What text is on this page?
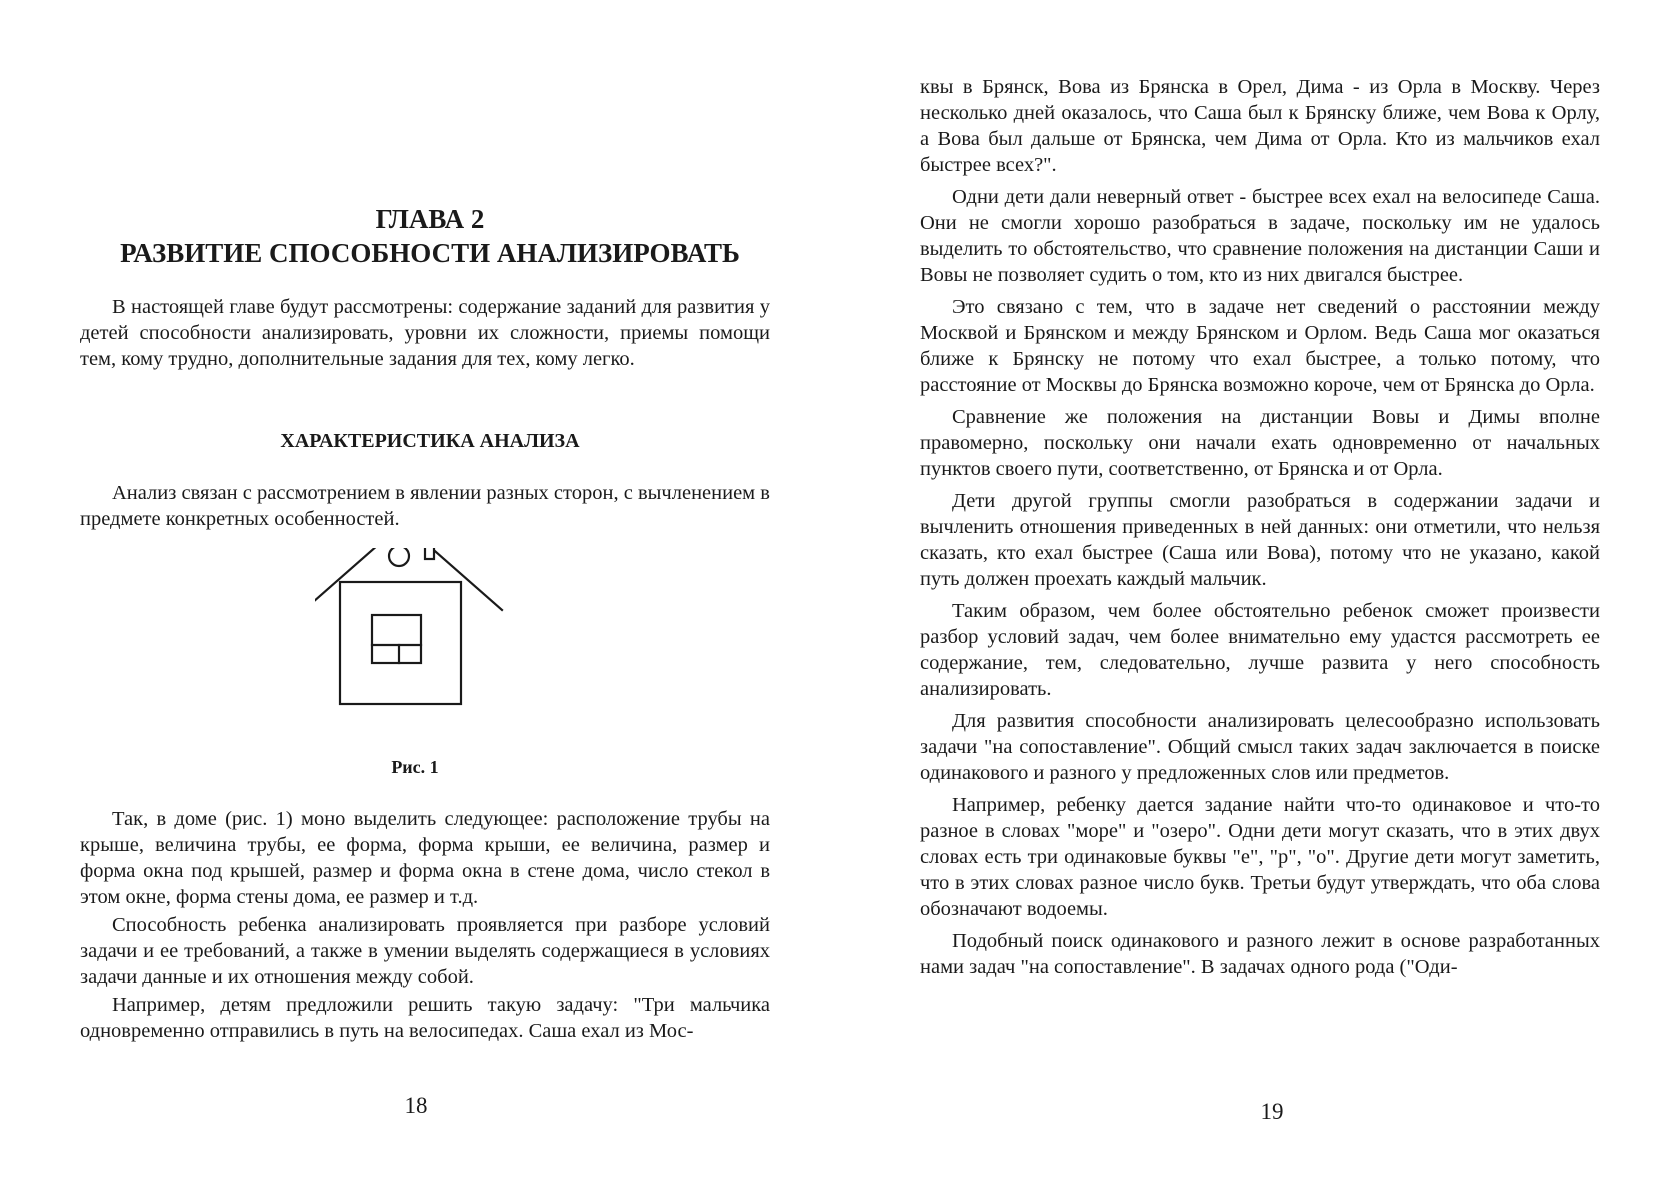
ГЛАВА 2
РАЗВИТИЕ СПОСОБНОСТИ АНАЛИЗИРОВАТЬ

В настоящей главе будут рассмотрены: содержание заданий для развития у детей способности анализировать, уровни их сложности, приемы помощи тем, кому трудно, дополнительные задания для тех, кому легко.

ХАРАКТЕРИСТИКА АНАЛИЗА

Анализ связан с рассмотрением в явлении разных сторон, с вычленением в предмете конкретных особенностей.

Рис. 1

Так, в доме (рис. 1) моно выделить следующее: расположение трубы на крыше, величина трубы, ее форма, форма крыши, ее величина, размер и форма окна под крышей, размер и форма окна в стене дома, число стекол в этом окне, форма стены дома, ее размер и т.д.

Способность ребенка анализировать проявляется при разборе условий задачи и ее требований, а также в умении выделять содержащиеся в условиях задачи данные и их отношения между собой.

Например, детям предложили решить такую задачу: "Три мальчика одновременно отправились в путь на велосипедах. Саша ехал из Мос-

18

квы в Брянск, Вова из Брянска в Орел, Дима - из Орла в Москву. Через несколько дней оказалось, что Саша был к Брянску ближе, чем Вова к Орлу, а Вова был дальше от Брянска, чем Дима от Орла. Кто из мальчиков ехал быстрее всех?".

Одни дети дали неверный ответ - быстрее всех ехал на велосипеде Саша. Они не смогли хорошо разобраться в задаче, поскольку им не удалось выделить то обстоятельство, что сравнение положения на дистанции Саши и Вовы не позволяет судить о том, кто из них двигался быстрее.

Это связано с тем, что в задаче нет сведений о расстоянии между Москвой и Брянском и между Брянском и Орлом. Ведь Саша мог оказаться ближе к Брянску не потому что ехал быстрее, а только потому, что расстояние от Москвы до Брянска возможно короче, чем от Брянска до Орла.

Сравнение же положения на дистанции Вовы и Димы вполне правомерно, поскольку они начали ехать одновременно от начальных пунктов своего пути, соответственно, от Брянска и от Орла.

Дети другой группы смогли разобраться в содержании задачи и вычленить отношения приведенных в ней данных: они отметили, что нельзя сказать, кто ехал быстрее (Саша или Вова), потому что не указано, какой путь должен проехать каждый мальчик.

Таким образом, чем более обстоятельно ребенок сможет произвести разбор условий задач, чем более внимательно ему удастся рассмотреть ее содержание, тем, следовательно, лучше развита у него способность анализировать.

Для развития способности анализировать целесообразно использовать задачи "на сопоставление". Общий смысл таких задач заключается в поиске одинакового и разного у предложенных слов или предметов.

Например, ребенку дается задание найти что-то одинаковое и что-то разное в словах "море" и "озеро". Одни дети могут сказать, что в этих двух словах есть три одинаковые буквы "е", "р", "о". Другие дети могут заметить, что в этих словах разное число букв. Третьи будут утверждать, что оба слова обозначают водоемы.

Подобный поиск одинакового и разного лежит в основе разработанных нами задач "на сопоставление". В задачах одного рода ("Оди-

19
